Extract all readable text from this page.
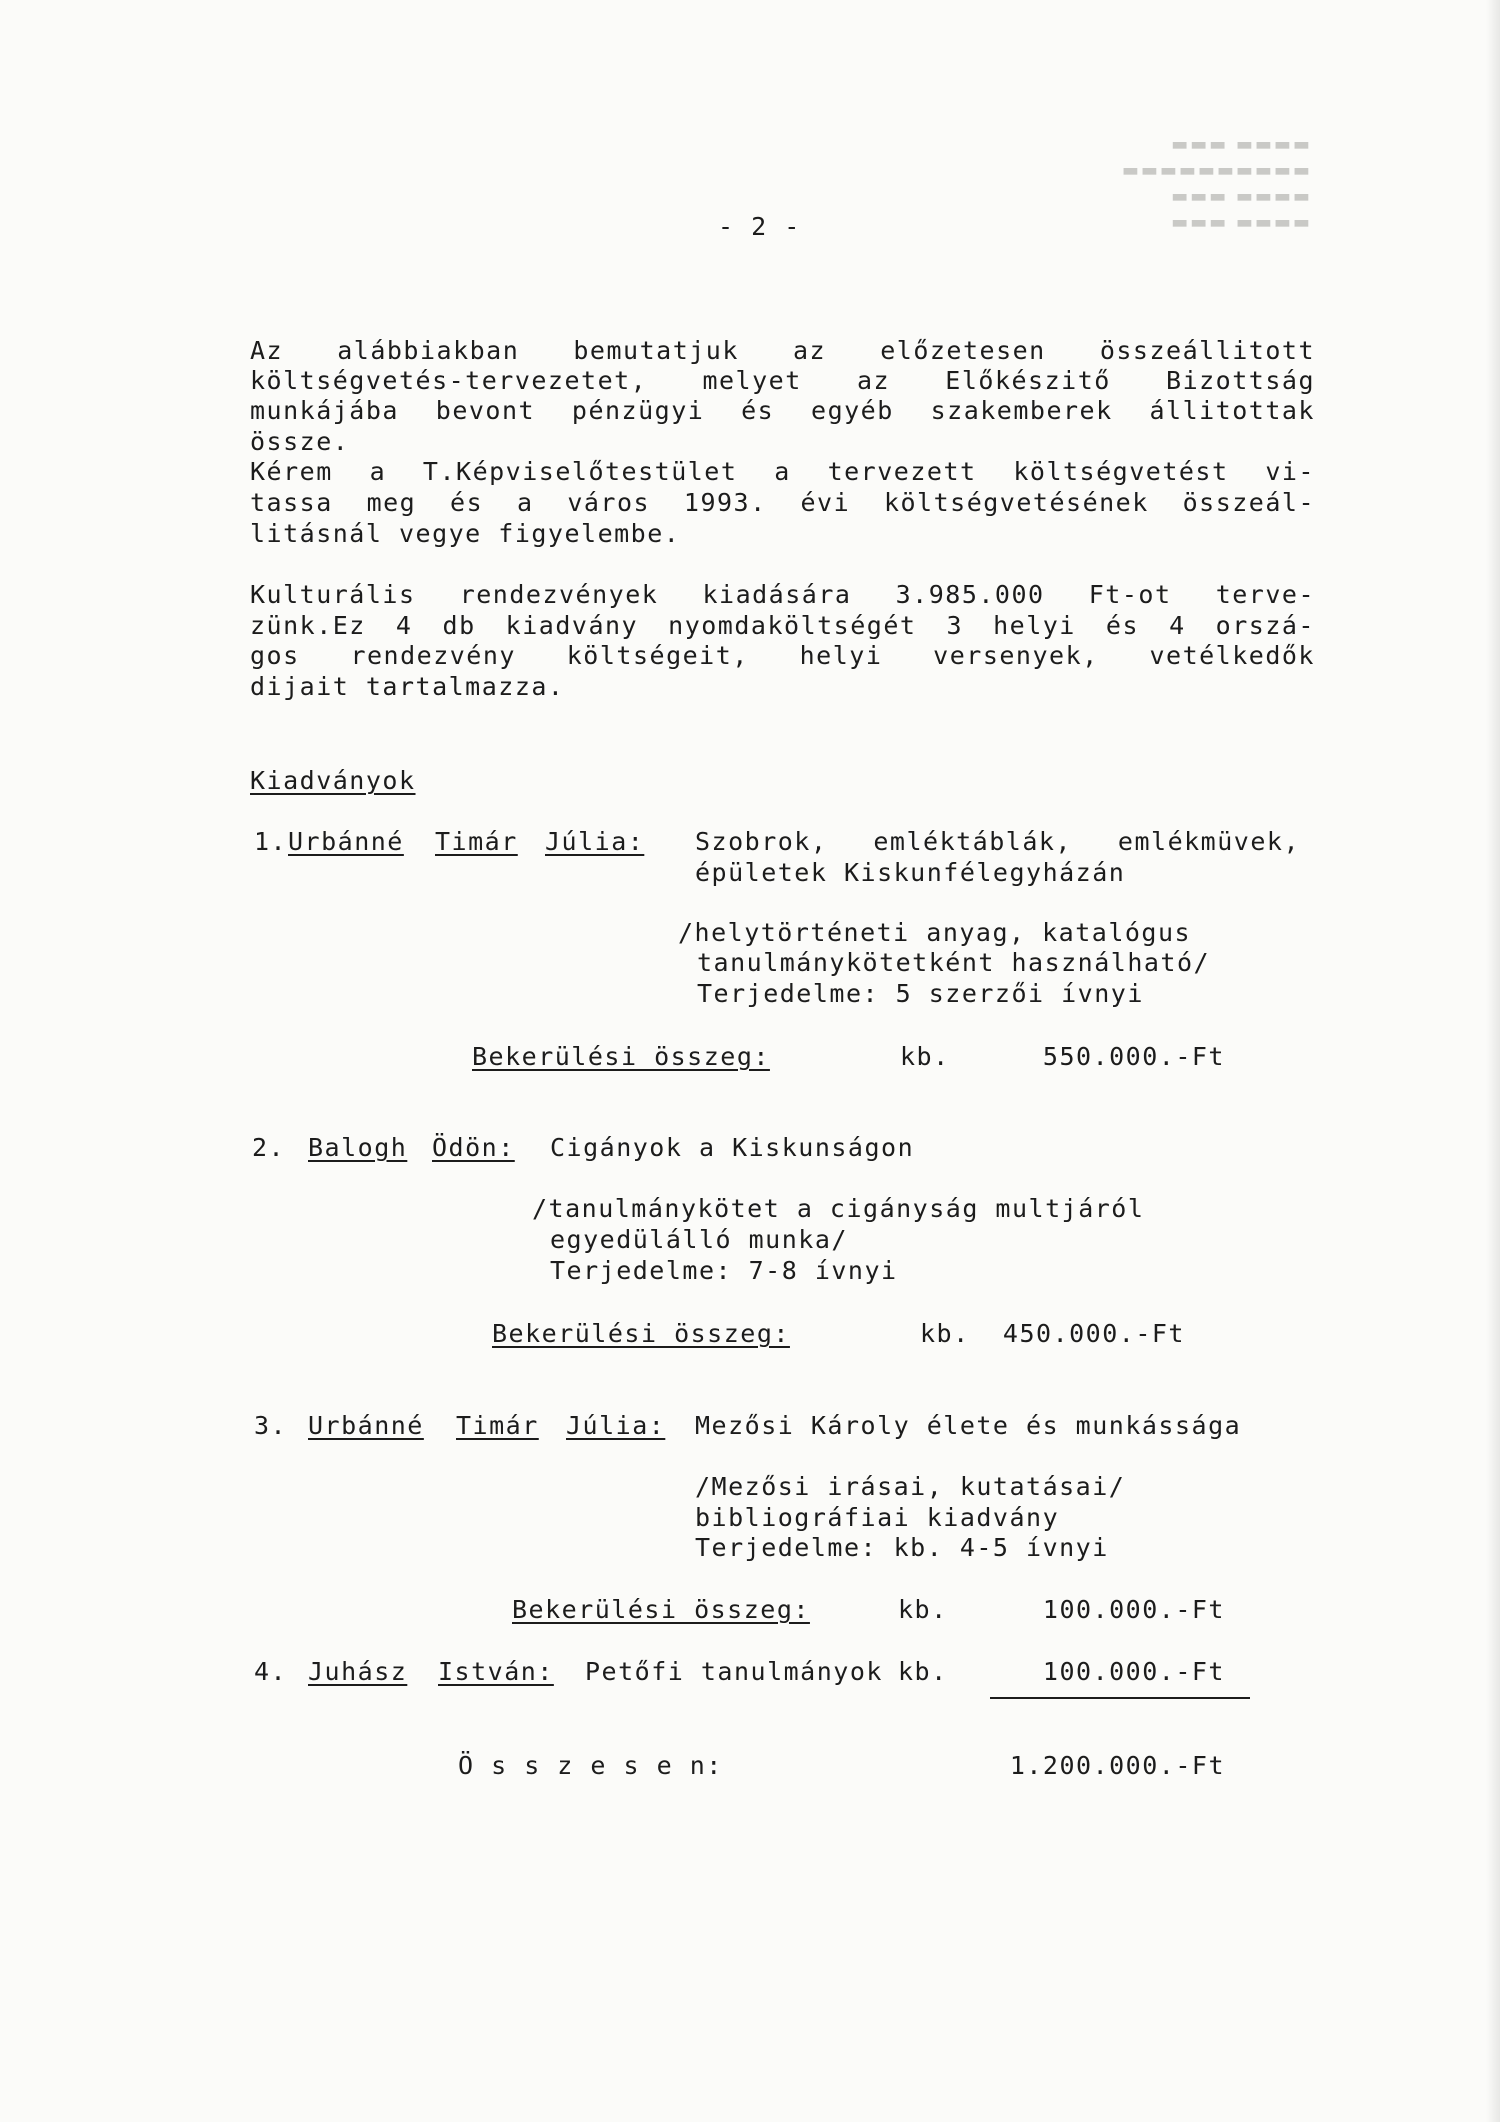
▬▬▬▬ ▬▬▬
▬▬▬▬▬▬▬▬▬▬
▬▬▬▬ ▬▬▬
▬▬▬▬ ▬▬▬
- 2 -
Az alábbiakban bemutatjuk az előzetesen összeállitott
költségvetés-tervezetet, melyet az Előkészitő Bizottság
munkájába bevont pénzügyi és egyéb szakemberek állitottak
össze.
Kérem a T.Képviselőtestület a tervezett költségvetést vi-
tassa meg és a város 1993. évi költségvetésének összeál-
litásnál vegye figyelembe.
Kulturális rendezvények kiadására 3.985.000 Ft-ot terve-
zünk.Ez 4 db kiadvány nyomdaköltségét 3 helyi és 4 orszá-
gos rendezvény költségeit, helyi versenyek, vetélkedők
dijait tartalmazza.
Kiadványok
1. Urbánné Timár Júlia: Szobrok, emléktáblák, emlékmüvek,
épületek Kiskunfélegyházán
/helytörténeti anyag, katalógus
tanulmánykötetként használható/
Terjedelme: 5 szerzői ívnyi
Bekerülési összeg:	kb.	550.000.-Ft
2. Balogh Ödön: Cigányok a Kiskunságon
/tanulmánykötet a cigányság multjáról
egyedülálló munka/
Terjedelme: 7-8 ívnyi
Bekerülési összeg:	kb.	450.000.-Ft
3. Urbánné Timár Júlia: Mezősi Károly élete és munkássága
/Mezősi irásai, kutatásai/
bibliográfiai kiadvány
Terjedelme: kb. 4-5 ívnyi
Bekerülési összeg:	kb.	100.000.-Ft
4. Juhász István: Petőfi tanulmányok kb.	100.000.-Ft
Ö s s z e s e n:	1.200.000.-Ft
